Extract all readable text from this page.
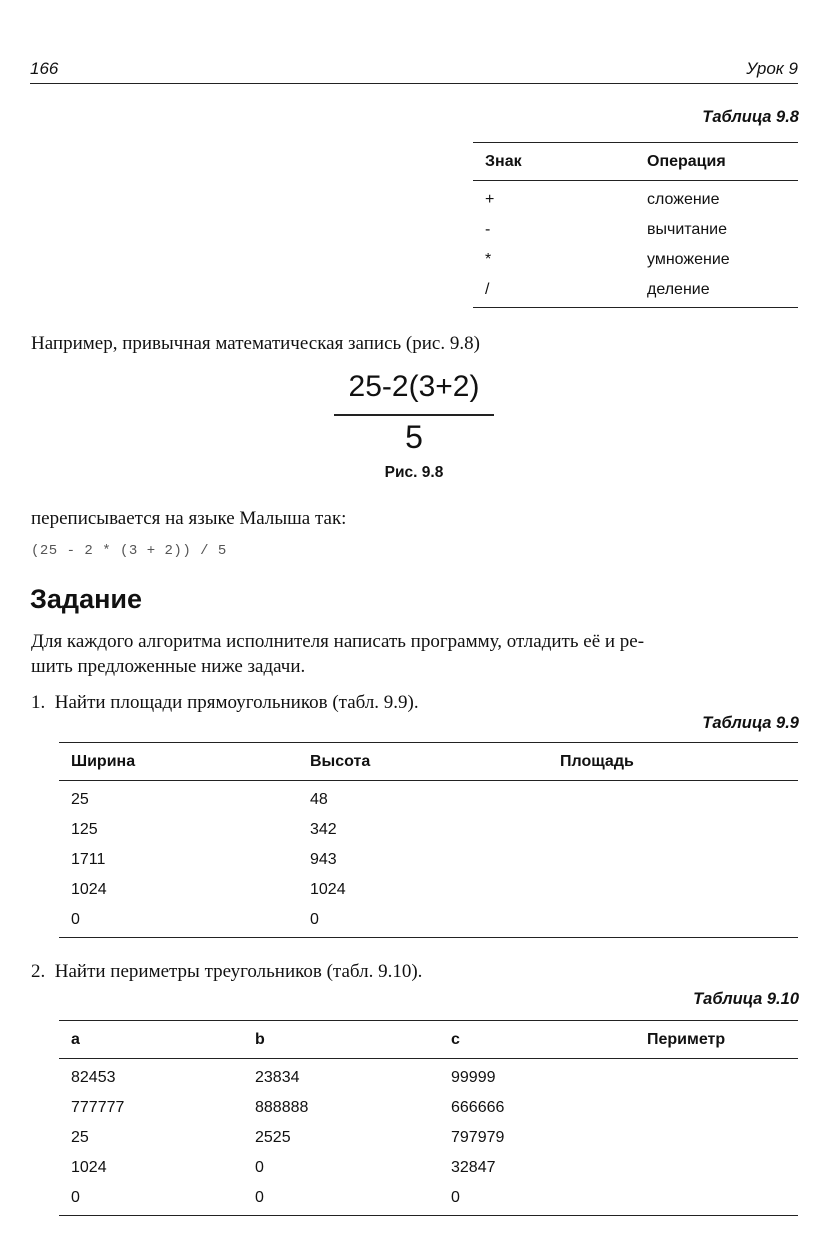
166	Урок 9
Таблица 9.8
Знак	Операция
+	сложение
-	вычитание
*	умножение
/	деление
Например, привычная математическая запись (рис. 9.8)
25-2(3+2)
5
Рис. 9.8
переписывается на языке Малыша так:
(25 - 2 * (3 + 2)) / 5
Задание
Для каждого алгоритма исполнителя написать программу, отладить её и ре-
шить предложенные ниже задачи.
1.  Найти площади прямоугольников (табл. 9.9).
Таблица 9.9
Ширина	Высота	Площадь
25	48	
125	342	
1711	943	
1024	1024	
0	0	
2.  Найти периметры треугольников (табл. 9.10).
Таблица 9.10
a	b	c	Периметр
82453	23834	99999	
777777	888888	666666	
25	2525	797979	
1024	0	32847	
0	0	0	
